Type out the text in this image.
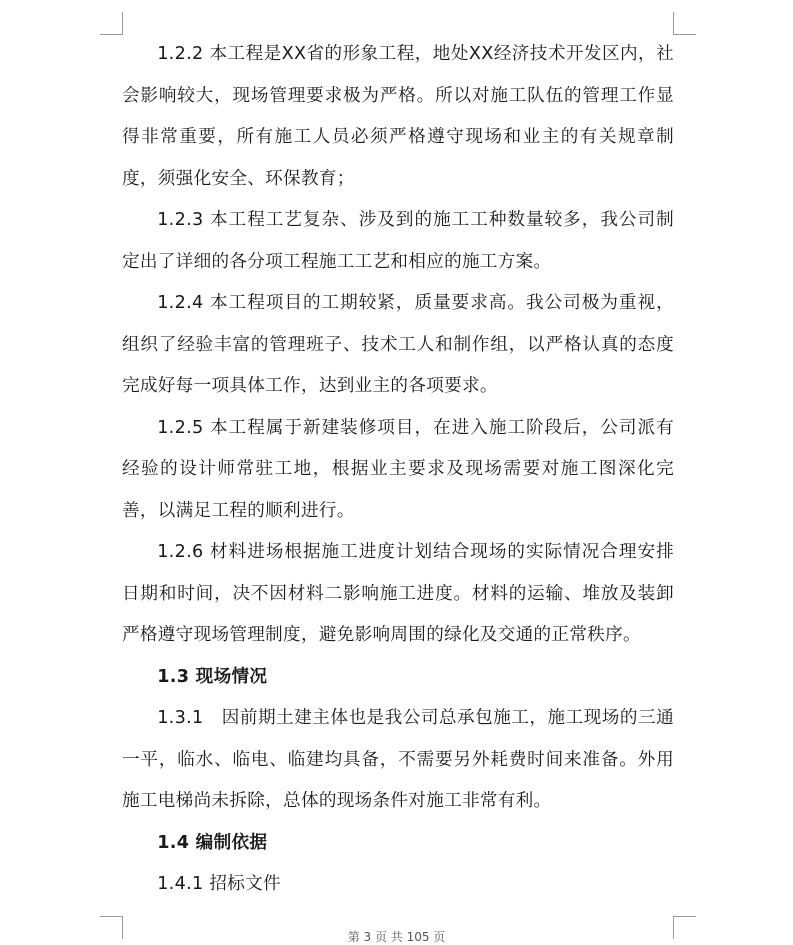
1.2.2 本工程是XX省的形象工程，地处XX经济技术开发区内，社会影响较大，现场管理要求极为严格。所以对施工队伍的管理工作显得非常重要，所有施工人员必须严格遵守现场和业主的有关规章制度，须强化安全、环保教育；

1.2.3 本工程工艺复杂、涉及到的施工工种数量较多，我公司制定出了详细的各分项工程施工工艺和相应的施工方案。

1.2.4 本工程项目的工期较紧，质量要求高。我公司极为重视，组织了经验丰富的管理班子、技术工人和制作组，以严格认真的态度完成好每一项具体工作，达到业主的各项要求。

1.2.5 本工程属于新建装修项目，在进入施工阶段后，公司派有经验的设计师常驻工地，根据业主要求及现场需要对施工图深化完善，以满足工程的顺利进行。

1.2.6 材料进场根据施工进度计划结合现场的实际情况合理安排日期和时间，决不因材料二影响施工进度。材料的运输、堆放及装卸严格遵守现场管理制度，避免影响周围的绿化及交通的正常秩序。

1.3 现场情况

1.3.1　因前期土建主体也是我公司总承包施工，施工现场的三通一平，临水、临电、临建均具备，不需要另外耗费时间来准备。外用施工电梯尚未拆除，总体的现场条件对施工非常有利。

1.4 编制依据

1.4.1 招标文件

第 3 页 共 105 页
